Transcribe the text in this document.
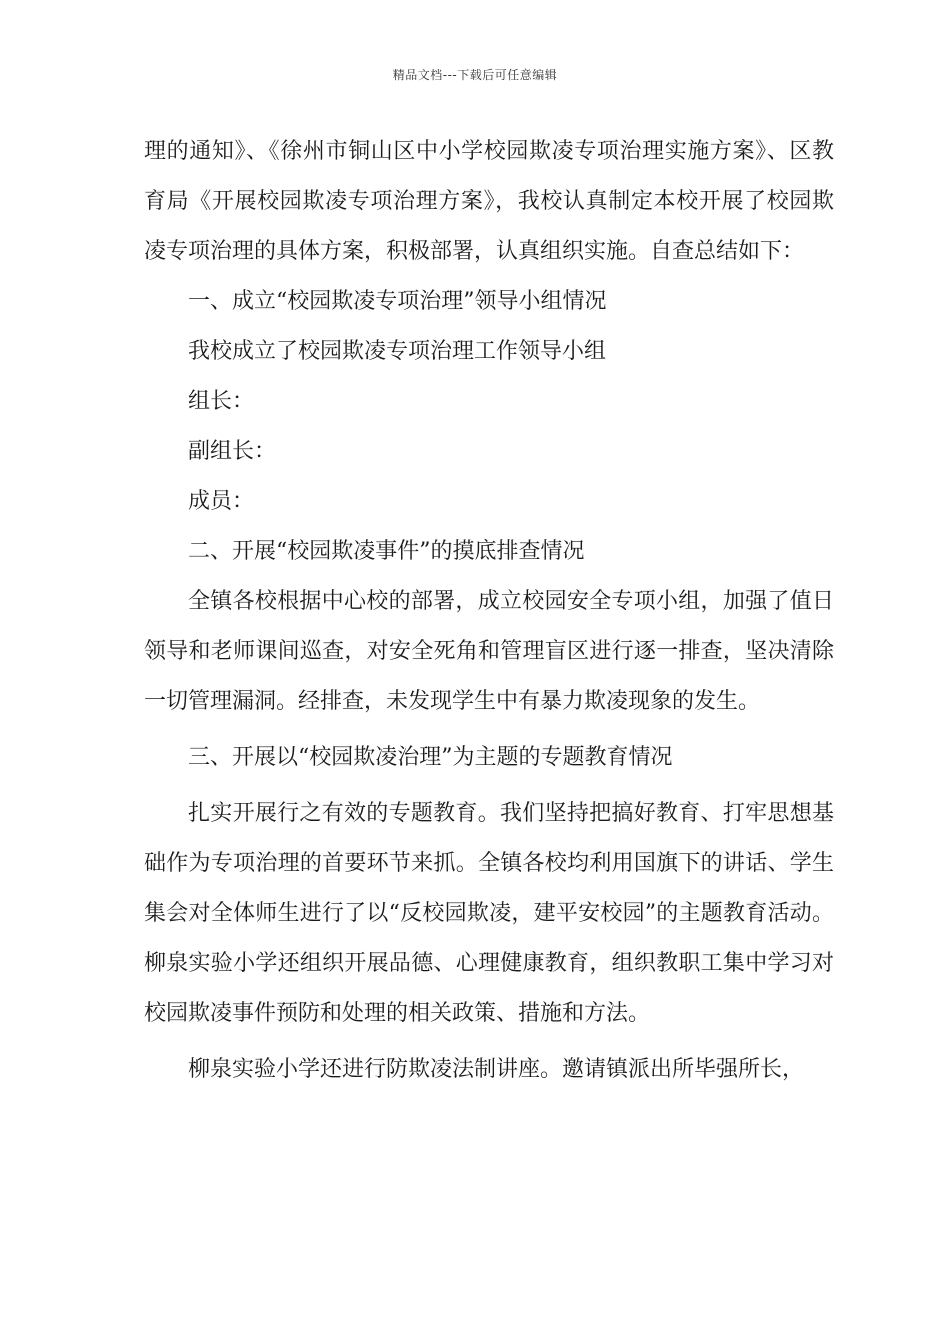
精品文档---下载后可任意编辑

理的通知》、《徐州市铜山区中小学校园欺凌专项治理实施方案》、区教育局《开展校园欺凌专项治理方案》，我校认真制定本校开展了校园欺凌专项治理的具体方案，积极部署，认真组织实施。自查总结如下：

一、成立“校园欺凌专项治理”领导小组情况

我校成立了校园欺凌专项治理工作领导小组

组长：

副组长：

成员：

二、开展“校园欺凌事件”的摸底排查情况

全镇各校根据中心校的部署，成立校园安全专项小组，加强了值日领导和老师课间巡查，对安全死角和管理盲区进行逐一排查，坚决清除一切管理漏洞。经排查，未发现学生中有暴力欺凌现象的发生。

三、开展以“校园欺凌治理”为主题的专题教育情况

扎实开展行之有效的专题教育。我们坚持把搞好教育、打牢思想基础作为专项治理的首要环节来抓。全镇各校均利用国旗下的讲话、学生集会对全体师生进行了以“反校园欺凌，建平安校园”的主题教育活动。柳泉实验小学还组织开展品德、心理健康教育，组织教职工集中学习对校园欺凌事件预防和处理的相关政策、措施和方法。

柳泉实验小学还进行防欺凌法制讲座。邀请镇派出所毕强所长，
